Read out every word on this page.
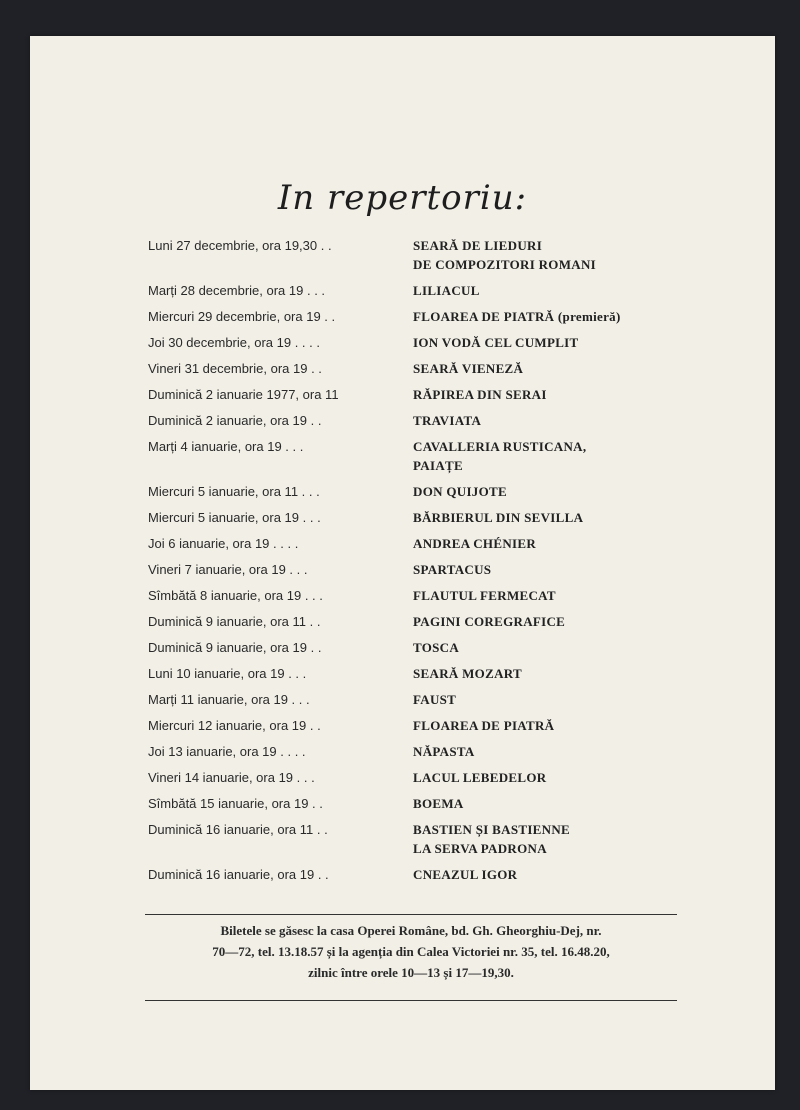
In repertoriu:
Luni 27 decembrie, ora 19,30 . .	SEARĂ DE LIEDURI
DE COMPOZITORI ROMANI
Marți 28 decembrie, ora 19 . . .	LILIACUL
Miercuri 29 decembrie, ora 19 . .	FLOAREA DE PIATRĂ (premieră)
Joi 30 decembrie, ora 19 . . . .	ION VODĂ CEL CUMPLIT
Vineri 31 decembrie, ora 19 . .	SEARĂ VIENEZĂ
Duminică 2 ianuarie 1977, ora 11	RĂPIREA DIN SERAI
Duminică 2 ianuarie, ora 19 . .	TRAVIATA
Marți 4 ianuarie, ora 19 . . .	CAVALLERIA RUSTICANA,
PAIAȚE
Miercuri 5 ianuarie, ora 11 . . .	DON QUIJOTE
Miercuri 5 ianuarie, ora 19 . . .	BĂRBIERUL DIN SEVILLA
Joi 6 ianuarie, ora 19 . . . .	ANDREA CHÉNIER
Vineri 7 ianuarie, ora 19 . . .	SPARTACUS
Sîmbătă 8 ianuarie, ora 19 . . .	FLAUTUL FERMECAT
Duminică 9 ianuarie, ora 11 . .	PAGINI COREGRAFICE
Duminică 9 ianuarie, ora 19 . .	TOSCA
Luni 10 ianuarie, ora 19 . . .	SEARĂ MOZART
Marți 11 ianuarie, ora 19 . . .	FAUST
Miercuri 12 ianuarie, ora 19 . .	FLOAREA DE PIATRĂ
Joi 13 ianuarie, ora 19 . . . .	NĂPASTA
Vineri 14 ianuarie, ora 19 . . .	LACUL LEBEDELOR
Sîmbătă 15 ianuarie, ora 19 . .	BOEMA
Duminică 16 ianuarie, ora 11 . .	BASTIEN ȘI BASTIENNE
LA SERVA PADRONA
Duminică 16 ianuarie, ora 19 . .	CNEAZUL IGOR
Biletele se găsesc la casa Operei Române, bd. Gh. Gheorghiu-Dej, nr.
70—72, tel. 13.18.57 și la agenția din Calea Victoriei nr. 35, tel. 16.48.20,
zilnic între orele 10—13 și 17—19,30.
